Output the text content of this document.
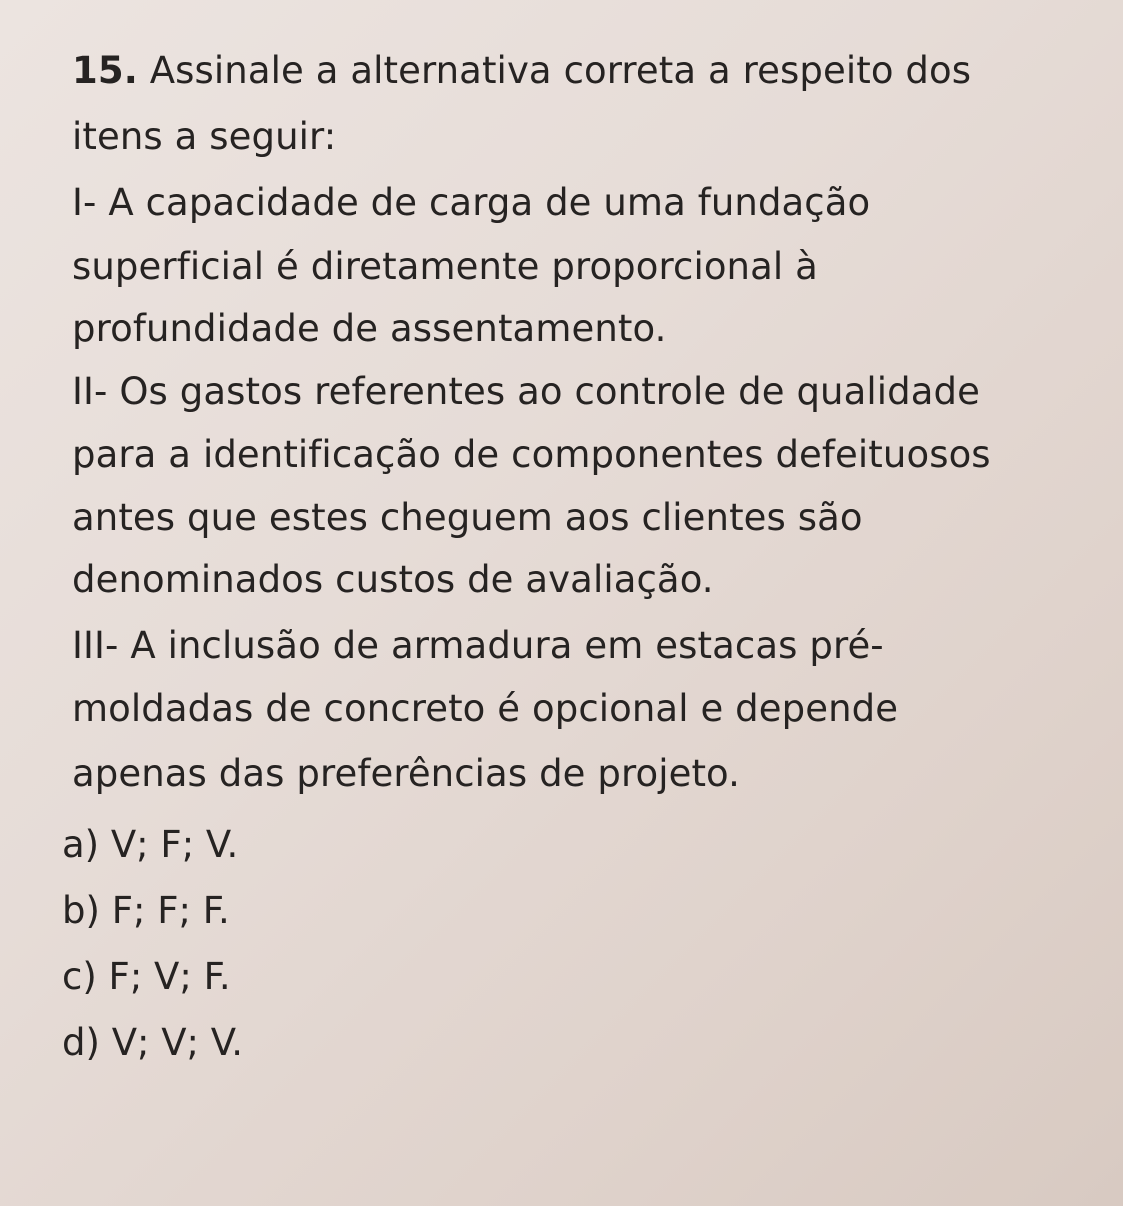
15. Assinale a alternativa correta a respeito dos

itens a seguir:

I- A capacidade de carga de uma fundação

superficial é diretamente proporcional à

profundidade de assentamento.

II- Os gastos referentes ao controle de qualidade

para a identificação de componentes defeituosos

antes que estes cheguem aos clientes são

denominados custos de avaliação.

III- A inclusão de armadura em estacas pré-

moldadas de concreto é opcional e depende

apenas das preferências de projeto.

a) V; F; V.

b) F; F; F.

c) F; V; F.

d) V; V; V.
